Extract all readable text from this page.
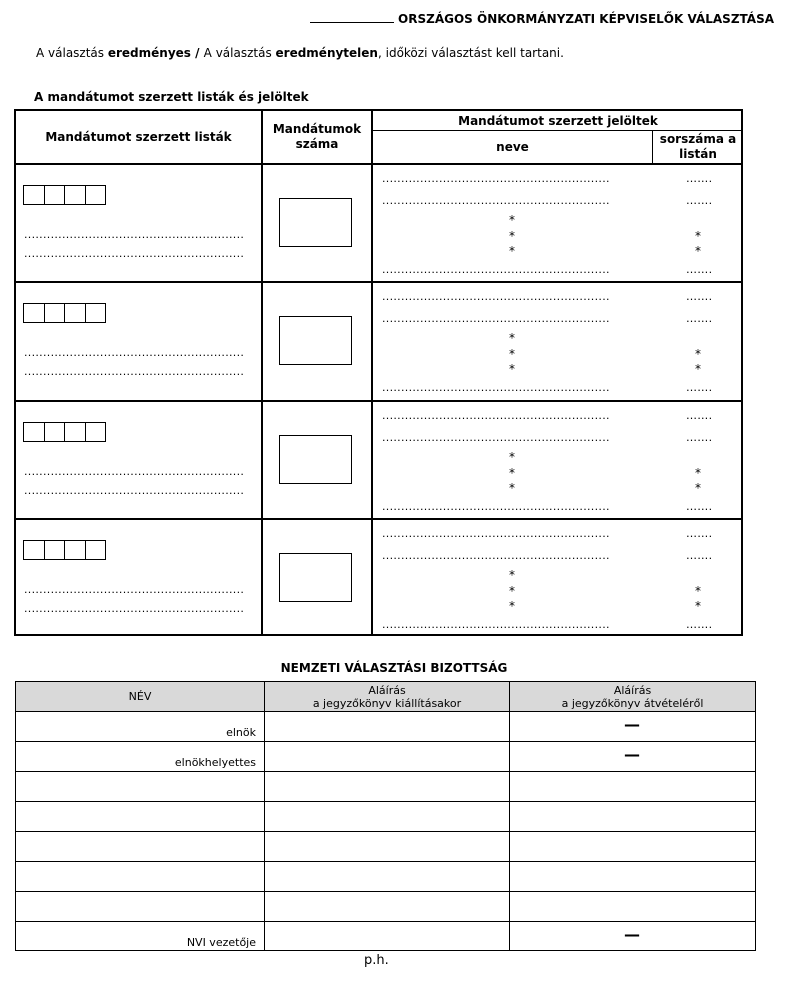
ORSZÁGOS ÖNKORMÁNYZATI KÉPVISELŐK VÁLASZTÁSA
A választás eredményes / A választás eredménytelen, időközi választást kell tartani.
A mandátumot szerzett listák és jelöltek
Mandátumot szerzett listák
Mandátumok száma
Mandátumot szerzett jelöltek
neve
sorszáma a listán
..........................................................
..........................................................
............................................................
............................................................
*
*
*
............................................................
…….
…….
*
*
…….
..........................................................
..........................................................
............................................................
............................................................
*
*
*
............................................................
…….
…….
*
*
…….
..........................................................
..........................................................
............................................................
............................................................
*
*
*
............................................................
…….
…….
*
*
…….
..........................................................
..........................................................
............................................................
............................................................
*
*
*
............................................................
…….
…….
*
*
…….
NEMZETI VÁLASZTÁSI BIZOTTSÁG
NÉV	Aláírás
a jegyzőkönyv kiállításakor
Aláírás
a jegyzőkönyv átvételéről
elnök
elnökhelyettes
NVI vezetője
—
—
—
p.h.
